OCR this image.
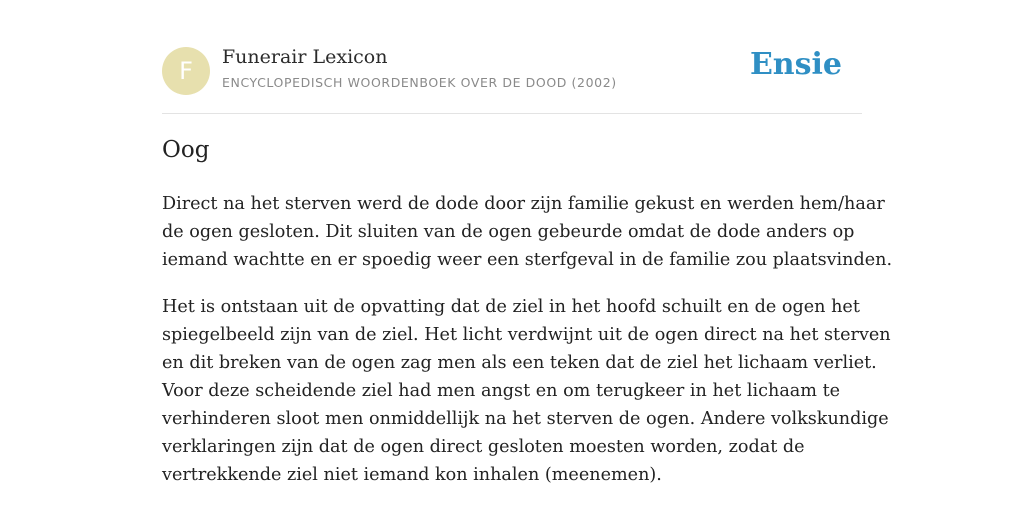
F	Funerair Lexicon
ENCYCLOPEDISCH WOORDENBOEK OVER DE DOOD (2002)
Ensie
Oog

Direct na het sterven werd de dode door zijn familie gekust en werden hem/haar
de ogen gesloten. Dit sluiten van de ogen gebeurde omdat de dode anders op
iemand wachtte en er spoedig weer een sterfgeval in de familie zou plaatsvinden.

Het is ontstaan uit de opvatting dat de ziel in het hoofd schuilt en de ogen het
spiegelbeeld zijn van de ziel. Het licht verdwijnt uit de ogen direct na het sterven
en dit breken van de ogen zag men als een teken dat de ziel het lichaam verliet.
Voor deze scheidende ziel had men angst en om terugkeer in het lichaam te
verhinderen sloot men onmiddellijk na het sterven de ogen. Andere volkskundige
verklaringen zijn dat de ogen direct gesloten moesten worden, zodat de
vertrekkende ziel niet iemand kon inhalen (meenemen).
